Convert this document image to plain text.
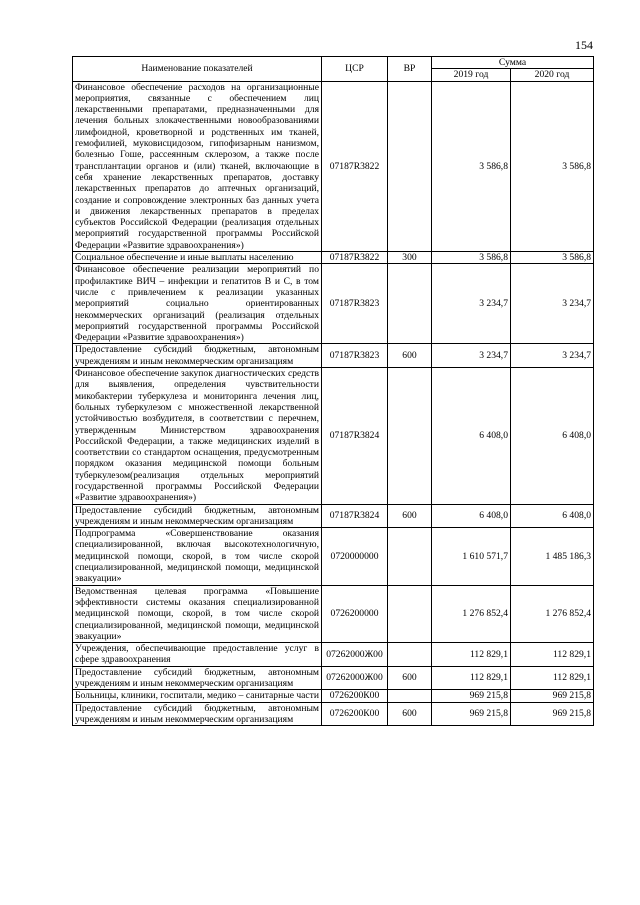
154
Наименование показателей	ЦСР	ВР	Сумма	
			2019 год	2020 год
Финансовое обеспечение расходов на организационные мероприятия, связанные с обеспечением лиц лекарственными препаратами, предназначенными для лечения больных злокачественными новообразованиями лимфоидной, кроветворной и родственных им тканей, гемофилией, муковисцидозом, гипофизарным нанизмом, болезнью Гоше, рассеянным склерозом, а также после трансплантации органов и (или) тканей, включающие в себя хранение лекарственных препаратов, доставку лекарственных препаратов до аптечных организаций, создание и сопровождение электронных баз данных учета и движения лекарственных препаратов в пределах субъектов Российской Федерации (реализация отдельных мероприятий государственной программы Российской Федерации «Развитие здравоохранения»)	07187R3822		3 586,8	3 586,8
Социальное обеспечение и иные выплаты населению	07187R3822	300	3 586,8	3 586,8
Финансовое обеспечение реализации мероприятий по профилактике ВИЧ – инфекции и гепатитов В и С, в том числе с привлечением к реализации указанных мероприятий социально ориентированных некоммерческих организаций (реализация отдельных мероприятий государственной программы Российской Федерации «Развитие здравоохранения»)	07187R3823		3 234,7	3 234,7
Предоставление субсидий бюджетным, автономным учреждениям и иным некоммерческим организациям	07187R3823	600	3 234,7	3 234,7
Финансовое обеспечение закупок диагностических средств для выявления, определения чувствительности микобактерии туберкулеза и мониторинга лечения лиц, больных туберкулезом с множественной лекарственной устойчивостью возбудителя, в соответствии с перечнем, утвержденным Министерством здравоохранения Российской Федерации, а также медицинских изделий в соответствии со стандартом оснащения, предусмотренным порядком оказания медицинской помощи больным туберкулезом(реализация отдельных мероприятий государственной программы Российской Федерации «Развитие здравоохранения»)	07187R3824		6 408,0	6 408,0
Предоставление субсидий бюджетным, автономным учреждениям и иным некоммерческим организациям	07187R3824	600	6 408,0	6 408,0
Подпрограмма «Совершенствование оказания специализированной, включая высокотехнологичную, медицинской помощи, скорой, в том числе скорой специализированной, медицинской помощи, медицинской эвакуации»	0720000000		1 610 571,7	1 485 186,3
Ведомственная целевая программа «Повышение эффективности системы оказания специализированной медицинской помощи, скорой, в том числе скорой специализированной, медицинской помощи, медицинской эвакуации»	0726200000		1 276 852,4	1 276 852,4
Учреждения, обеспечивающие предоставление услуг в сфере здравоохранения	07262000Ж00		112 829,1	112 829,1
Предоставление субсидий бюджетным, автономным учреждениям и иным некоммерческим организациям	07262000Ж00	600	112 829,1	112 829,1
Больницы, клиники, госпитали, медико – санитарные части	0726200К00		969 215,8	969 215,8
Предоставление субсидий бюджетным, автономным учреждениям и иным некоммерческим организациям	0726200К00	600	969 215,8	969 215,8
